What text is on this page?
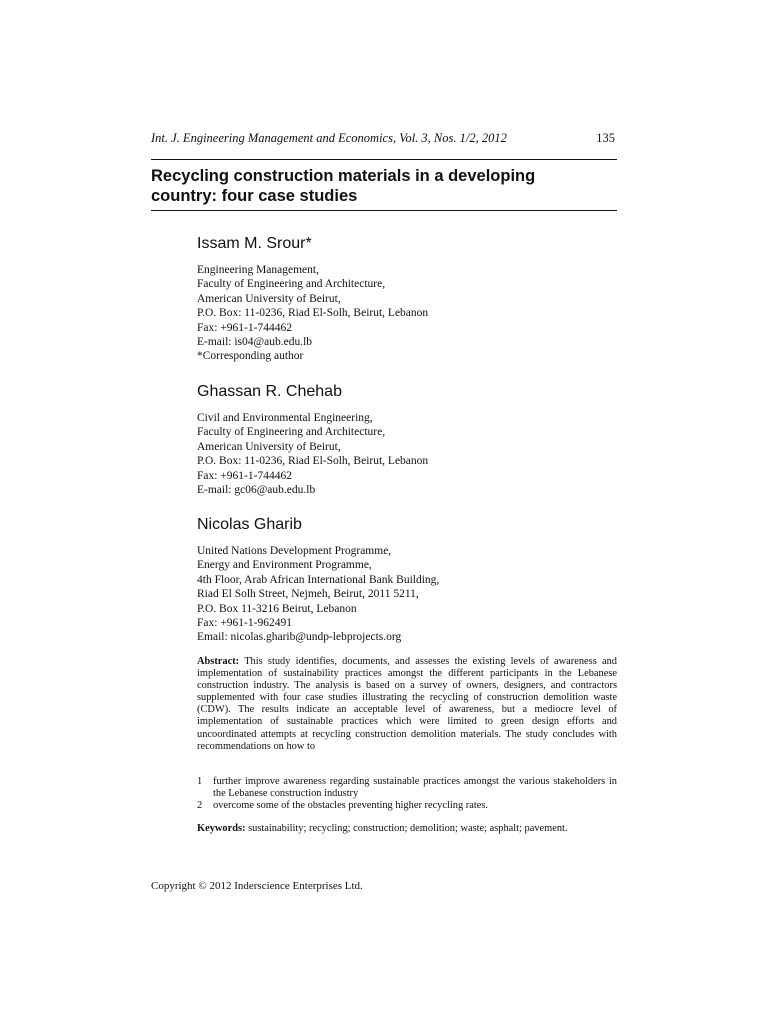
Int. J. Engineering Management and Economics, Vol. 3, Nos. 1/2, 2012	135
Recycling construction materials in a developing
country: four case studies
Issam M. Srour*
Engineering Management,
Faculty of Engineering and Architecture,
American University of Beirut,
P.O. Box: 11-0236, Riad El-Solh, Beirut, Lebanon
Fax: +961-1-744462
E-mail: is04@aub.edu.lb
*Corresponding author
Ghassan R. Chehab
Civil and Environmental Engineering,
Faculty of Engineering and Architecture,
American University of Beirut,
P.O. Box: 11-0236, Riad El-Solh, Beirut, Lebanon
Fax: +961-1-744462
E-mail: gc06@aub.edu.lb
Nicolas Gharib
United Nations Development Programme,
Energy and Environment Programme,
4th Floor, Arab African International Bank Building,
Riad El Solh Street, Nejmeh, Beirut, 2011 5211,
P.O. Box 11-3216 Beirut, Lebanon
Fax: +961-1-962491
Email: nicolas.gharib@undp-lebprojects.org

Abstract: This study identifies, documents, and assesses the existing levels of awareness and implementation of sustainability practices amongst the different participants in the Lebanese construction industry. The analysis is based on a survey of owners, designers, and contractors supplemented with four case studies illustrating the recycling of construction demolition waste (CDW). The results indicate an acceptable level of awareness, but a mediocre level of implementation of sustainable practices which were limited to green design efforts and uncoordinated attempts at recycling construction demolition materials. The study concludes with recommendations on how to

1	further improve awareness regarding sustainable practices amongst the various stakeholders in the Lebanese construction industry
2	overcome some of the obstacles preventing higher recycling rates.

Keywords: sustainability; recycling; construction; demolition; waste; asphalt; pavement.

Copyright © 2012 Inderscience Enterprises Ltd.
